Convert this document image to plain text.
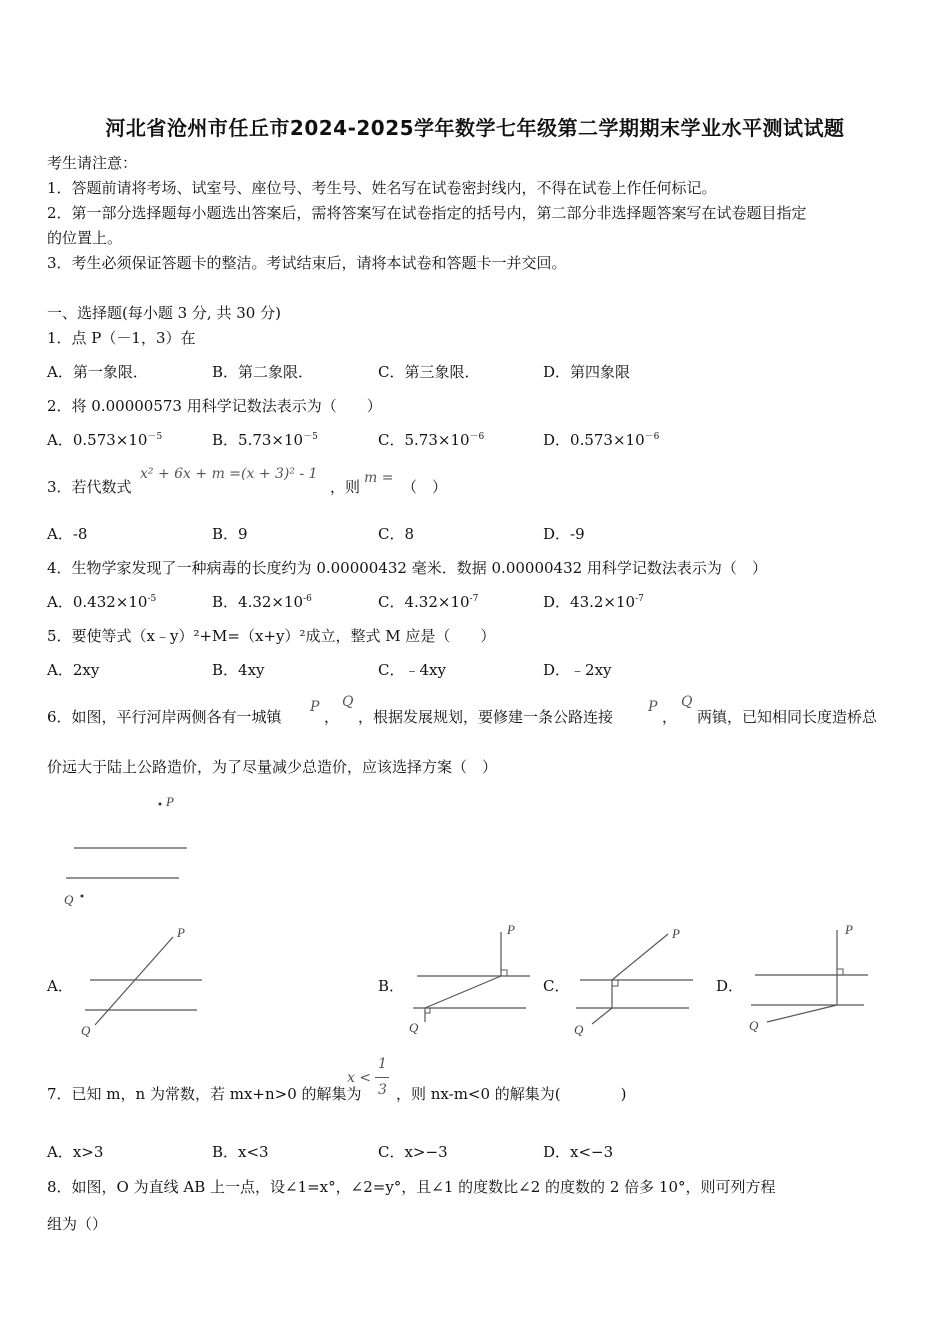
河北省沧州市任丘市2024-2025学年数学七年级第二学期期末学业水平测试试题
考生请注意：
1．答题前请将考场、试室号、座位号、考生号、姓名写在试卷密封线内，不得在试卷上作任何标记。
2．第一部分选择题每小题选出答案后，需将答案写在试卷指定的括号内，第二部分非选择题答案写在试卷题目指定
的位置上。
3．考生必须保证答题卡的整洁。考试结束后，请将本试卷和答题卡一并交回。
一、选择题(每小题 3 分, 共 30 分)
1．点 P（－1，3）在
A．第一象限．	B．第二象限．	C．第三象限．	D．第四象限
2．将 0.00000573 用科学记数法表示为（　　）
A．$0.573\times 10^{-5}$	B．$5.73\times 10^{-5}$	C．$5.73\times 10^{-6}$	D．$0.573\times 10^{-6}$
3．若代数式
x² + 6x + m =(x + 3)² - 1
，则 m = （　）
A．-8	B．9	C．8	D．-9
4．生物学家发现了一种病毒的长度约为 0.00000432 毫米．数据 0.00000432 用科学记数法表示为（　）
A．$0.432\times 10^{-5}$	B．$4.32\times 10^{-6}$	C．$4.32\times 10^{-7}$	D．$43.2\times 10^{-7}$
5．要使等式（x﹣y）²+M=（x+y）²成立，整式 M 应是（　　）
A．2xy	B．4xy	C．﹣4xy	D．﹣2xy
6．如图，平行河岸两侧各有一城镇
P
，
Q
，根据发展规划，要修建一条公路连接
P
，
Q
两镇，已知相同长度造桥总
价远大于陆上公路造价，为了尽量减少总造价，应该选择方案（　）
P
Q
A．
P
Q
B．
P
Q
C．
P
Q
D．
P
Q
7．已知 m，n 为常数，若 mx+n>0 的解集为
x <
1
3 ，则 nx-m<0 的解集为(　　　　)
A．x>3	B．x<3	C．x>−3	D．x<−3
8．如图，O 为直线 AB 上一点，设∠1=x°，∠2=y°，且∠1 的度数比∠2 的度数的 2 倍多 10°，则可列方程
组为（）
